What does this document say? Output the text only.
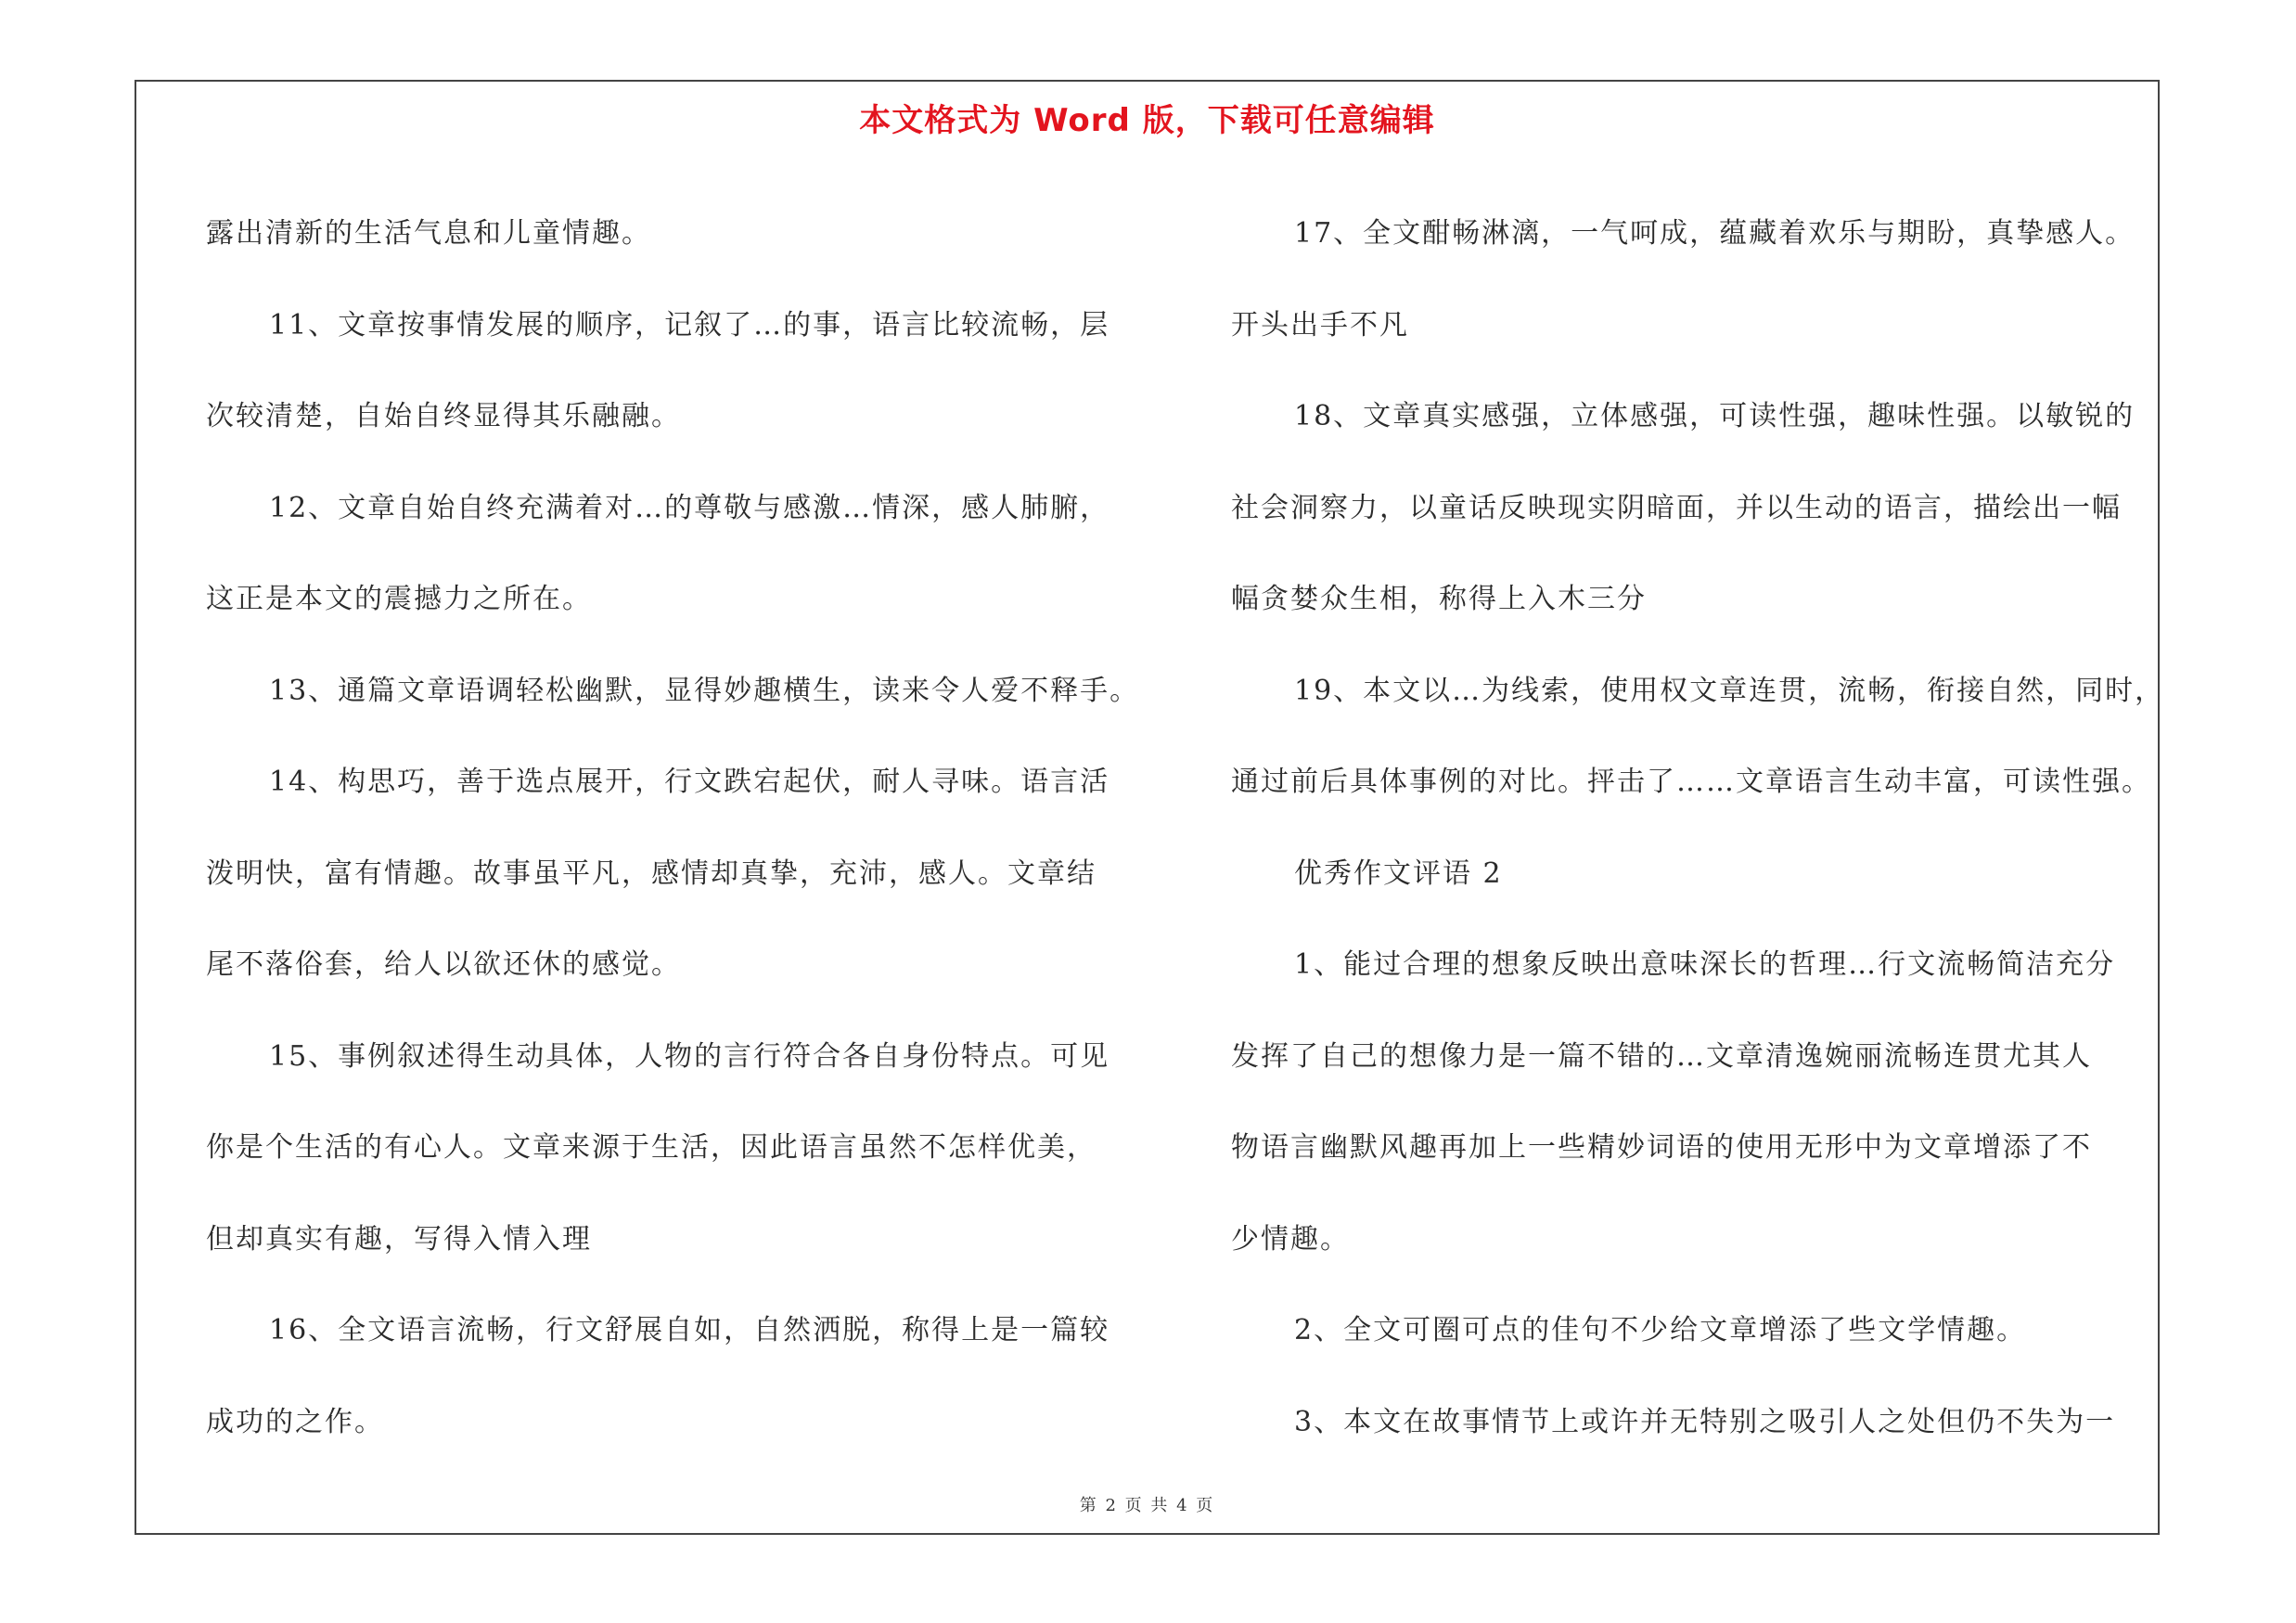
本文格式为 Word 版，下载可任意编辑
露出清新的生活气息和儿童情趣。
11、文章按事情发展的顺序，记叙了…的事，语言比较流畅，层
次较清楚，自始自终显得其乐融融。
12、文章自始自终充满着对…的尊敬与感激…情深，感人肺腑，
这正是本文的震撼力之所在。
13、通篇文章语调轻松幽默，显得妙趣横生，读来令人爱不释手。
14、构思巧，善于选点展开，行文跌宕起伏，耐人寻味。语言活
泼明快，富有情趣。故事虽平凡，感情却真挚，充沛，感人。文章结
尾不落俗套，给人以欲还休的感觉。
15、事例叙述得生动具体，人物的言行符合各自身份特点。可见
你是个生活的有心人。文章来源于生活，因此语言虽然不怎样优美，
但却真实有趣，写得入情入理
16、全文语言流畅，行文舒展自如，自然洒脱，称得上是一篇较
成功的之作。
17、全文酣畅淋漓，一气呵成，蕴藏着欢乐与期盼，真挚感人。
开头出手不凡
18、文章真实感强，立体感强，可读性强，趣味性强。以敏锐的
社会洞察力，以童话反映现实阴暗面，并以生动的语言，描绘出一幅
幅贪婪众生相，称得上入木三分
19、本文以…为线索，使用权文章连贯，流畅，衔接自然，同时，
通过前后具体事例的对比。抨击了……文章语言生动丰富，可读性强。
优秀作文评语 2
1、能过合理的想象反映出意味深长的哲理…行文流畅简洁充分
发挥了自己的想像力是一篇不错的…文章清逸婉丽流畅连贯尤其人
物语言幽默风趣再加上一些精妙词语的使用无形中为文章增添了不
少情趣。
2、全文可圈可点的佳句不少给文章增添了些文学情趣。
3、本文在故事情节上或许并无特别之吸引人之处但仍不失为一
第 2 页 共 4 页
